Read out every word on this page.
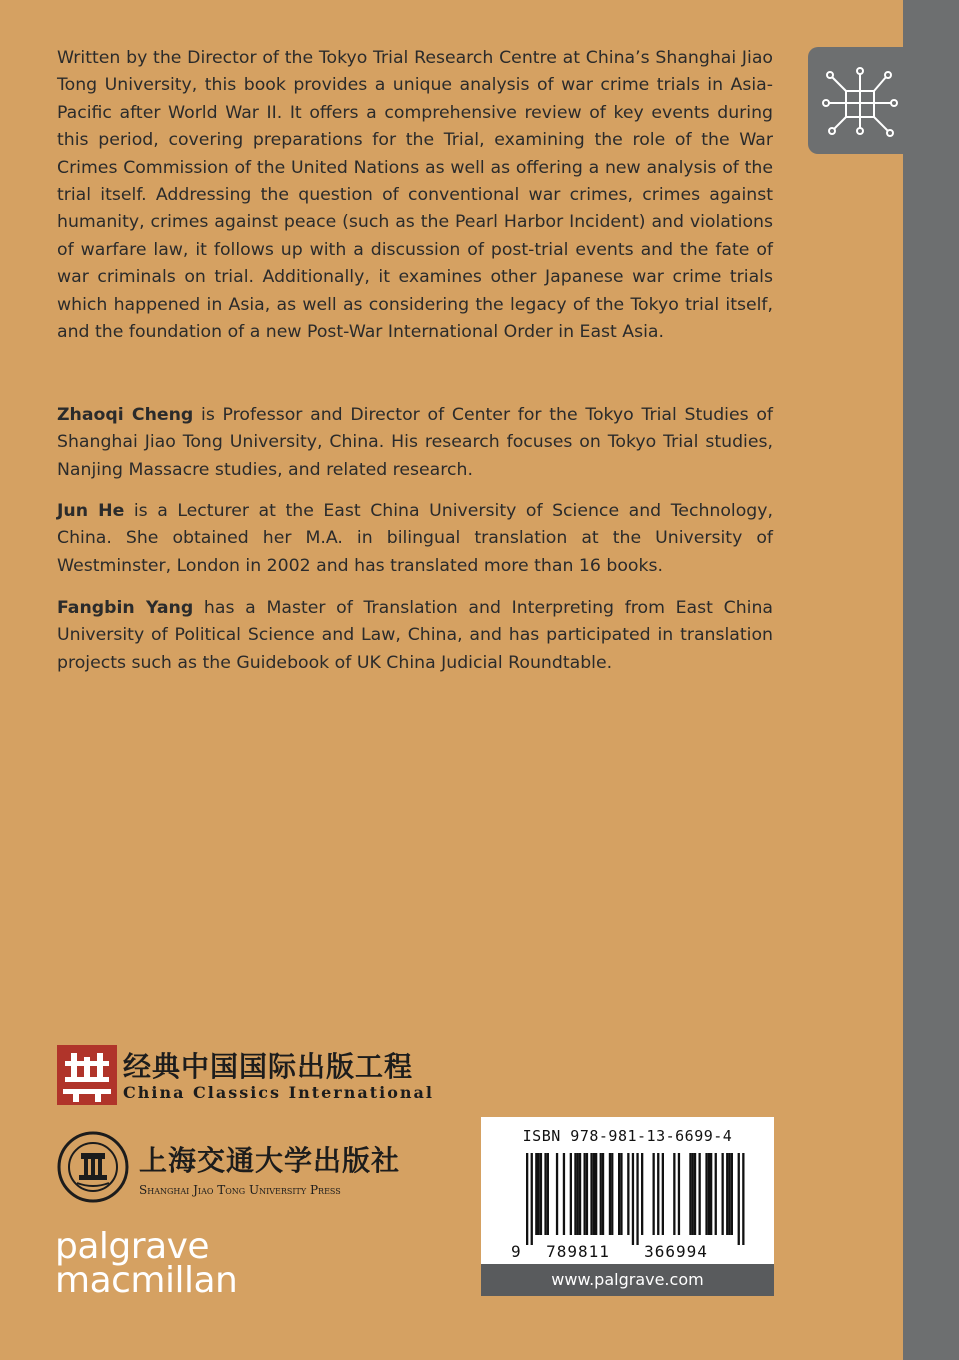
Written by the Director of the Tokyo Trial Research Centre at China’s Shanghai Jiao Tong University, this book provides a unique analysis of war crime trials in Asia-Pacific after World War II. It offers a comprehensive review of key events during this period, covering preparations for the Trial, examining the role of the War Crimes Commission of the United Nations as well as offering a new analysis of the trial itself. Addressing the question of conventional war crimes, crimes against humanity, crimes against peace (such as the Pearl Harbor Incident) and violations of warfare law, it follows up with a discussion of post-trial events and the fate of war criminals on trial. Additionally, it examines other Japanese war crime trials which happened in Asia, as well as considering the legacy of the Tokyo trial itself, and the foundation of a new Post-War International Order in East Asia.

Zhaoqi Cheng is Professor and Director of Center for the Tokyo Trial Studies of Shanghai Jiao Tong University, China. His research focuses on Tokyo Trial studies, Nanjing Massacre studies, and related research.

Jun He is a Lecturer at the East China University of Science and Technology, China. She obtained her M.A. in bilingual translation at the University of Westminster, London in 2002 and has translated more than 16 books.

Fangbin Yang has a Master of Translation and Interpreting from East China University of Political Science and Law, China, and has participated in translation projects such as the Guidebook of UK China Judicial Roundtable.

经典中国国际出版工程
China Classics International
上海交通大学出版社
Shanghai Jiao Tong University Press
palgrave
macmillan
9 789811 366994
ISBN 978-981-13-6699-4
www.palgrave.com
